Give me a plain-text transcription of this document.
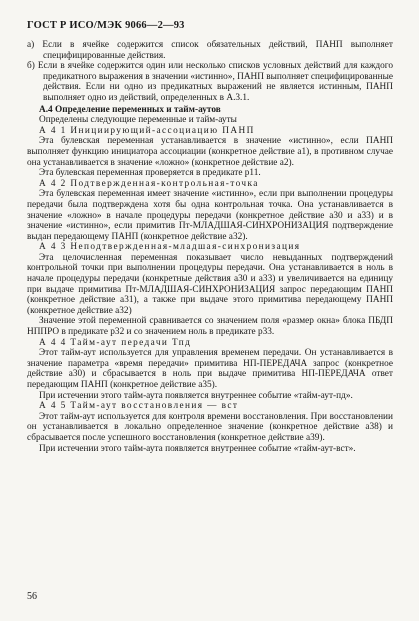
ГОСТ Р ИСО/МЭК 9066—2—93

а) Если в ячейке содержится список обязательных действий, ПАНП выполняет специфицированные действия.

б) Если в ячейке содержится один или несколько списков условных действий для каждого предикатного выражения в значении «истинно», ПАНП выполняет специфицированные действия. Если ни одно из предикатных выражений не является истинным, ПАНП выполняет одно из действий, определенных в А.3.1.

А.4 Определение переменных и тайм-аутов

Определены следующие переменные и тайм-ауты

А 4 1 Инициирующий-ассоциацию ПАНП

Эта булевская переменная устанавливается в значение «истинно», если ПАНП выполняет функцию инициатора ассоциации (конкретное действие а1), в противном случае она устанавливается в значение «ложно» (конкретное действие а2).

Эта булевская переменная проверяется в предикате р11.

А 4 2 Подтвержденная-контрольная-точка

Эта булевская переменная имеет значение «истинно», если при выполнении процедуры передачи была подтверждена хотя бы одна контрольная точка. Она устанавливается в значение «ложно» в начале процедуры передачи (конкретное действие а30 и а33) и в значение «истинно», если примитив Пт-МЛАДШАЯ-СИНХРОНИЗАЦИЯ подтверждение выдан передающему ПАНП (конкретное действие а32).

А 4 3 Неподтвержденная-младшая-синхронизация

Эта целочисленная переменная показывает число невыданных подтверждений контрольной точки при выполнении процедуры передачи. Она устанавливается в ноль в начале процедуры передачи (конкретные действия а30 и а33) и увеличивается на единицу при выдаче примитива Пт-МЛАДШАЯ-СИНХРОНИЗАЦИЯ запрос передающим ПАНП (конкретное действие а31), а также при выдаче этого примитива передающему ПАНП (конкретное действие а32)

Значение этой переменной сравнивается со значением поля «размер окна» блока ПБДП НППРО в предикате р32 и со значением ноль в предикате р33.

А 4 4 Тайм-аут передачи Тпд

Этот тайм-аут используется для управления временем передачи. Он устанавливается в значение параметра «время передачи» примитива НП-ПЕРЕДАЧА запрос (конкретное действие а30) и сбрасывается в ноль при выдаче примитива НП-ПЕРЕДАЧА ответ передающим ПАНП (конкретное действие а35).

При истечении этого тайм-аута появляется внутреннее событие «тайм-аут-пд».

А 4 5 Тайм-аут восстановления — вст

Этот тайм-аут используется для контроля времени восстановления. При восстановлении он устанавливается в локально определенное значение (конкретное действие а38) и сбрасывается после успешного восстановления (конкретное действие а39).

При истечении этого тайм-аута появляется внутреннее событие «тайм-аут-вст».

56
